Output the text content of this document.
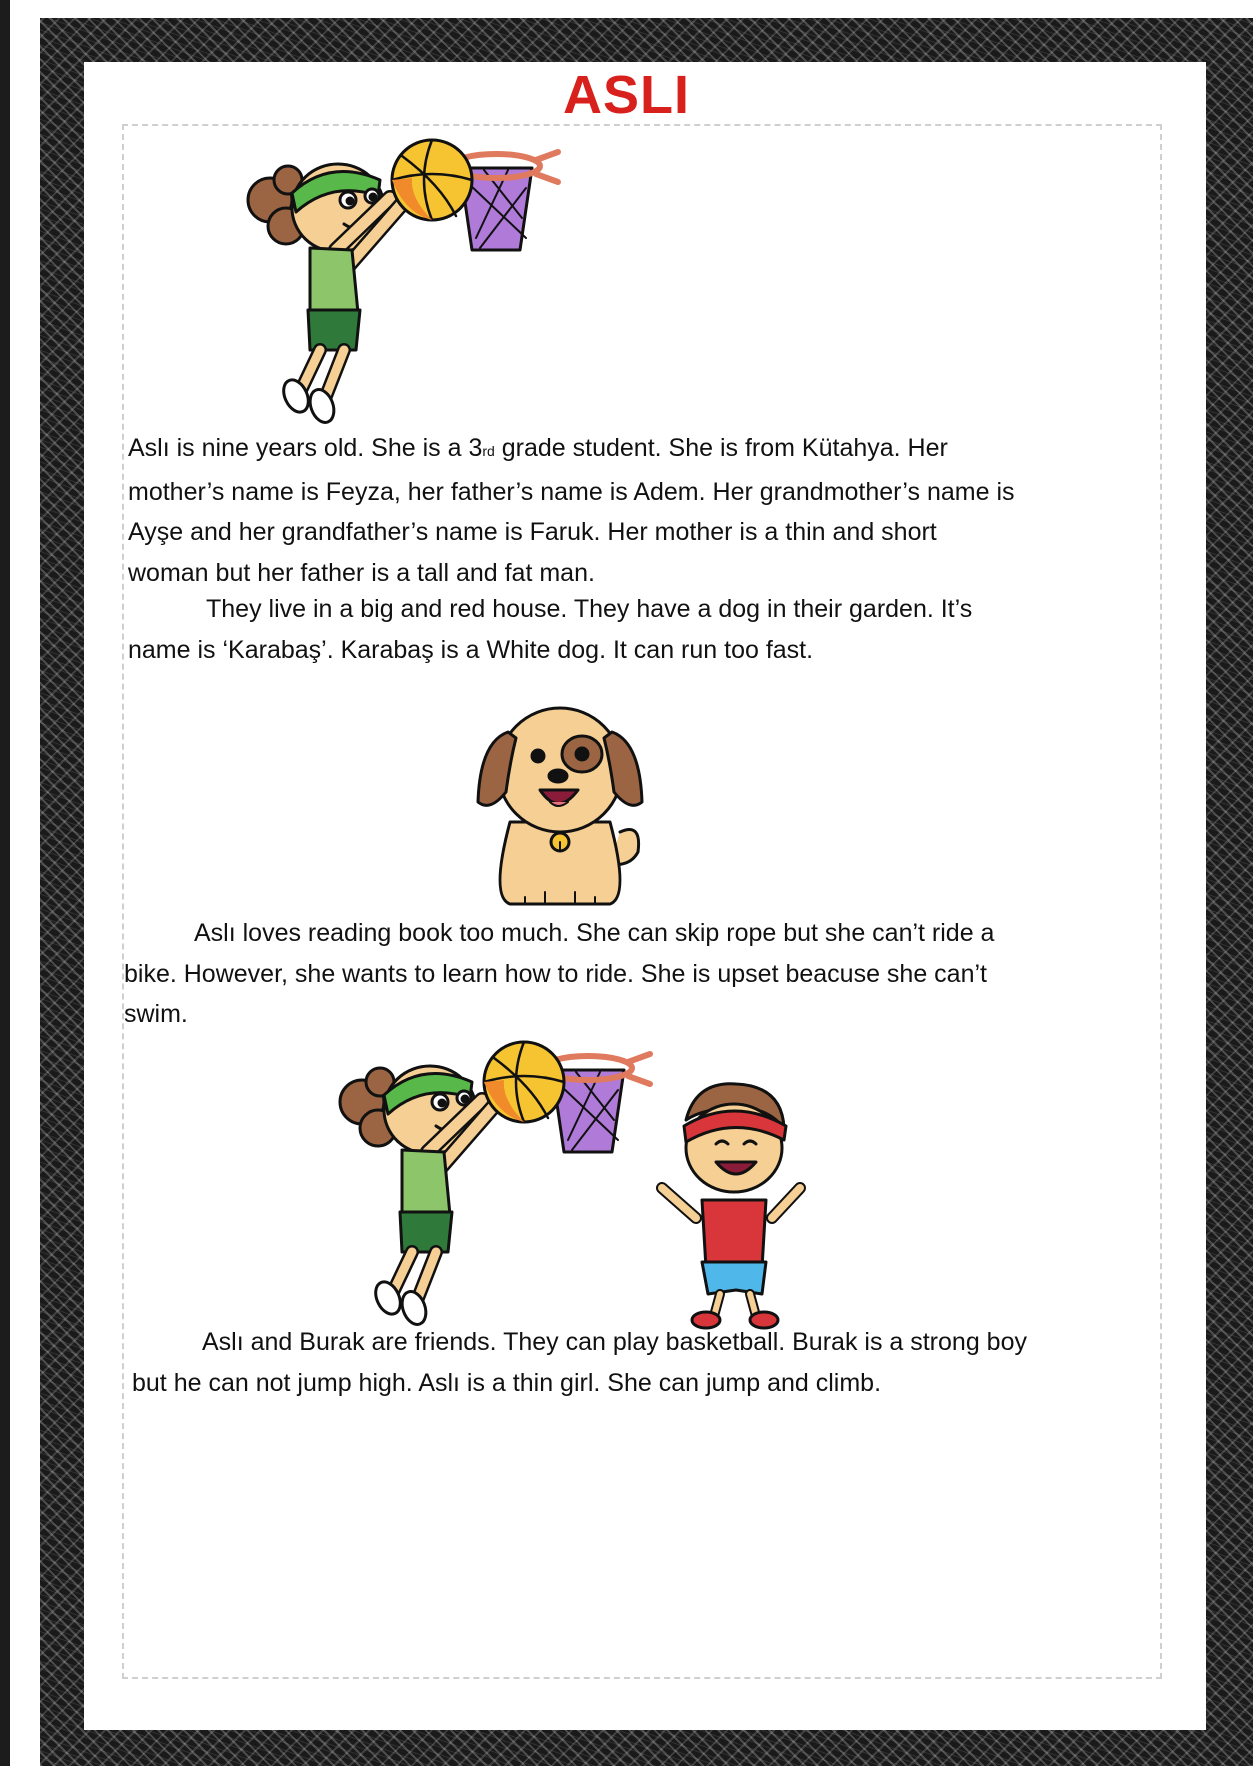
ASLI

Aslı is nine years old. She is a 3rd grade student. She is from Kütahya. Her
mother’s name is Feyza, her father’s name is Adem. Her grandmother’s name is
Ayşe and her grandfather’s name is Faruk. Her mother is a thin and short
woman but her father is a tall and fat man.

They live in a big and red house. They have a dog in their garden. It’s
name is ‘Karabaş’. Karabaş is a White dog. It can run too fast.

Aslı loves reading book too much. She can skip rope but she can’t ride a
bike. However, she wants to learn how to ride. She is upset beacuse she can’t
swim.

Aslı and Burak are friends. They can play basketball. Burak is a strong boy
but he can not jump high. Aslı is a thin girl. She can jump and climb.
